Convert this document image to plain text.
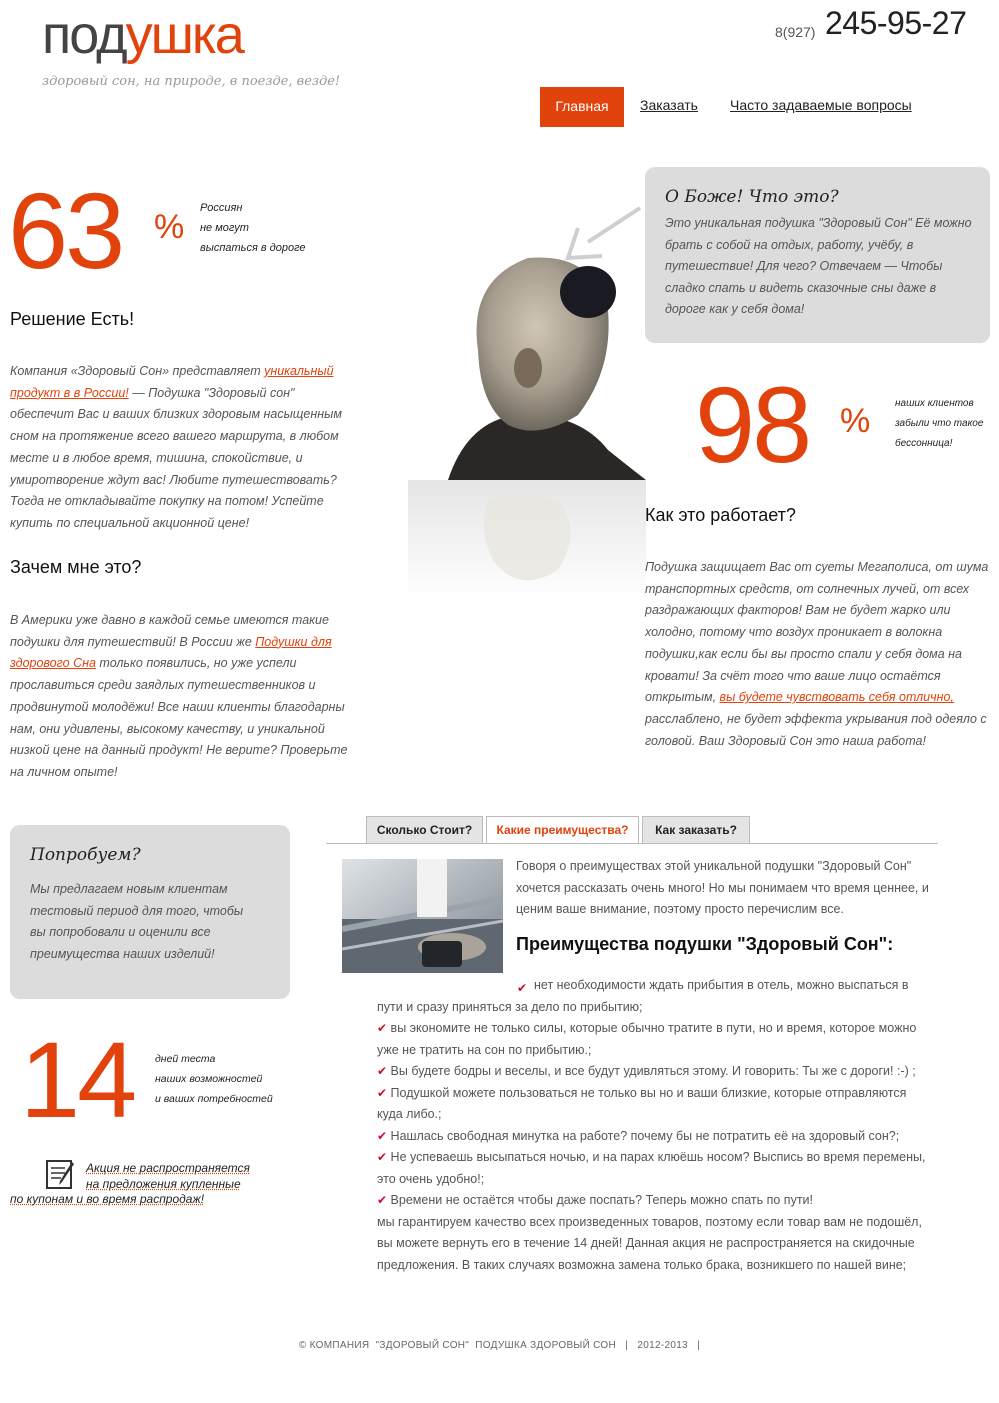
подушка
здоровый сон, на природе, в поезде, везде!
8(927) 245-95-27
Главная	Заказать Часто задаваемые вопросы
63 % Россиян
не могут
выспаться в дороге
Решение Есть!
Компания «Здоровый Сон» представляет уникальный продукт в в России! — Подушка "Здоровый сон" обеспечит Вас и ваших близких здоровым насыщенным сном на протяжение всего вашего маршрута, в любом месте и в любое время, тишина, спокойствие, и умиротворение ждут вас! Любите путешествовать? Тогда не откладывайте покупку на потом! Успейте купить по специальной акционной цене!
Зачем мне это?
В Америки уже давно в каждой семье имеются такие подушки для путешествий! В России же Подушки для здорового Сна только появились, но уже успели прославиться среди заядлых путешественников и продвинутой молодёжи! Все наши клиенты благодарны нам, они удивлены, высокому качеству, и уникальной низкой цене на данный продукт! Не верите? Проверьте на личном опыте!
О Боже! Что это?
Это уникальная подушка "Здоровый Сон" Её можно брать с собой на отдых, работу, учёбу, в путешествие! Для чего? Отвечаем — Чтобы сладко спать и видеть сказочные сны даже в дороге как у себя дома!
98 % наших клиентов
забыли что такое
бессонница!
Как это работает?
Подушка защищает Вас от суеты Мегаполиса, от шума транспортных средств, от солнечных лучей, от всех раздражающих факторов! Вам не будет жарко или холодно, потому что воздух проникает в волокна подушки,как если бы вы просто спали у себя дома на кровати! За счёт того что ваше лицо остаётся открытым, вы будете чувствовать себя отлично, расслаблено, не будет эффекта укрывания под одеяло с головой. Ваш Здоровый Сон это наша работа!
Попробуем?
Мы предлагаем новым клиентам тестовый период для того, чтобы вы попробовали и оценили все преимущества наших изделий!
14 дней теста
наших возможностей
и ваших потребностей
Акция не распространяется
на предложения купленные
по купонам и во время распродаж!
Сколько Стоит?	Какие преимущества?	Как заказать?
Говоря о преимуществах этой уникальной подушки "Здоровый Сон" хочется рассказать очень много! Но мы понимаем что время ценнее, и ценим ваше внимание, поэтому просто перечислим все.
Преимущества подушки "Здоровый Сон":
✔ нет необходимости ждать прибытия в отель, можно выспаться в пути и сразу приняться за дело по прибытию;
✔ вы экономите не только силы, которые обычно тратите в пути, но и время, которое можно уже не тратить на сон по прибытию.;
✔ Вы будете бодры и веселы, и все будут удивляться этому. И говорить: Ты же с дороги! :-) ;
✔ Подушкой можете пользоваться не только вы но и ваши близкие, которые отправляются куда либо.;
✔ Нашлась свободная минутка на работе? почему бы не потратить её на здоровый сон?;
✔ Не успеваешь высыпаться ночью, и на парах клюёшь носом? Выспись во время перемены, это очень удобно!;
✔ Времени не остаётся чтобы даже поспать? Теперь можно спать по пути!
мы гарантируем качество всех произведенных товаров, поэтому если товар вам не подошёл, вы можете вернуть его в течение 14 дней! Данная акция не распространяется на скидочные предложения. В таких случаях возможна замена только брака, возникшего по нашей вине;
© КОМПАНИЯ  "ЗДОРОВЫЙ СОН"  ПОДУШКА ЗДОРОВЫЙ СОН   |   2012-2013   |
